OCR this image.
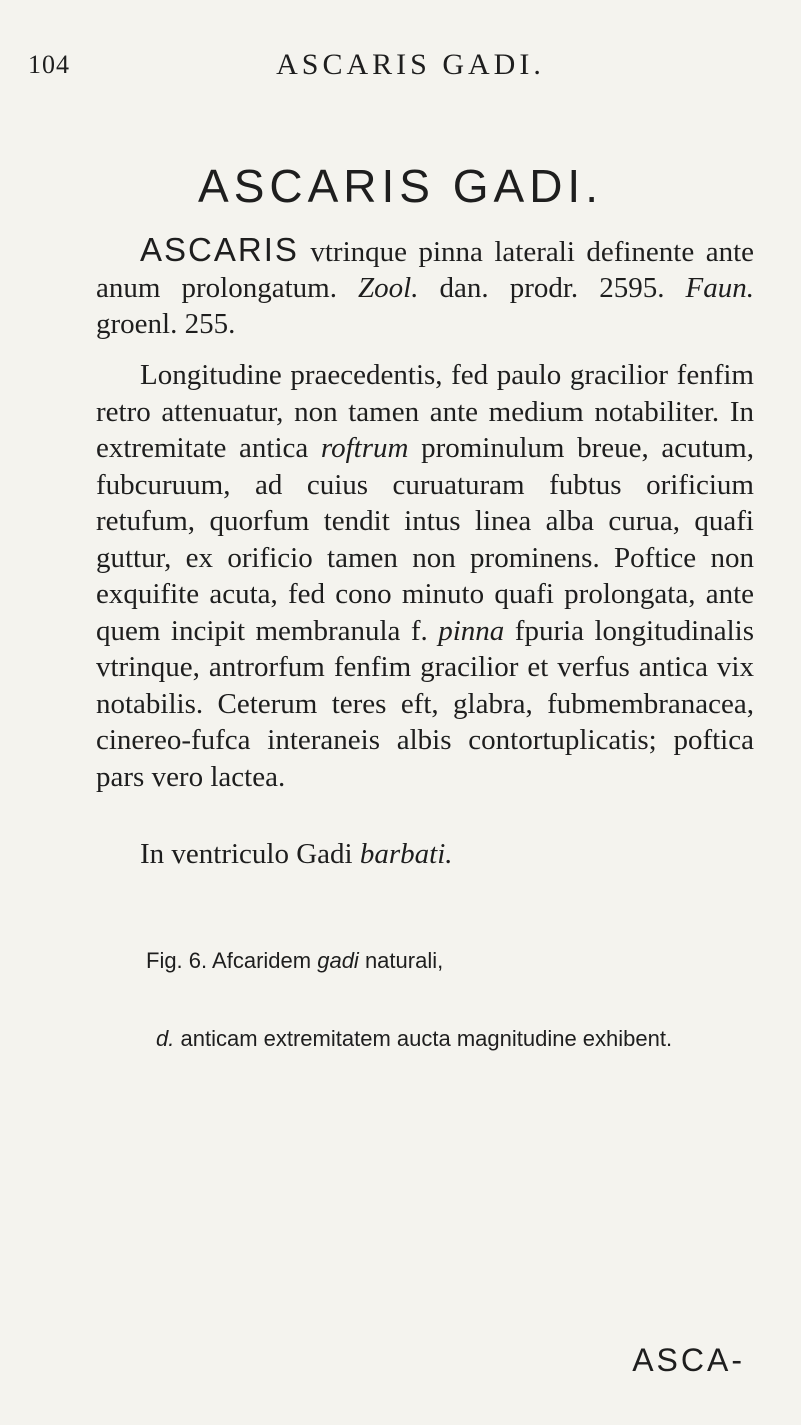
104	ASCARIS GADI.
ASCARIS GADI.

ASCARIS vtrinque pinna laterali definente ante anum prolongatum. Zool. dan. prodr. 2595. Faun. groenl. 255.

Longitudine praecedentis, fed paulo gracilior fenfim retro attenuatur, non tamen ante medium notabiliter. In extremitate antica roftrum prominulum breue, acutum, fubcuruum, ad cuius curuaturam fubtus orificium retufum, quorfum tendit intus linea alba curua, quafi guttur, ex orificio tamen non prominens. Poftice non exquifite acuta, fed cono minuto quafi prolongata, ante quem incipit membranula f. pinna fpuria longitudinalis vtrinque, antrorfum fenfim gracilior et verfus antica vix notabilis. Ceterum teres eft, glabra, fubmembranacea, cinereo-fufca interaneis albis contortuplicatis; poftica pars vero lactea.

In ventriculo Gadi barbati.

Fig. 6. Afcaridem gadi naturali,

d. anticam extremitatem aucta magnitudine exhibent.

ASCA-
